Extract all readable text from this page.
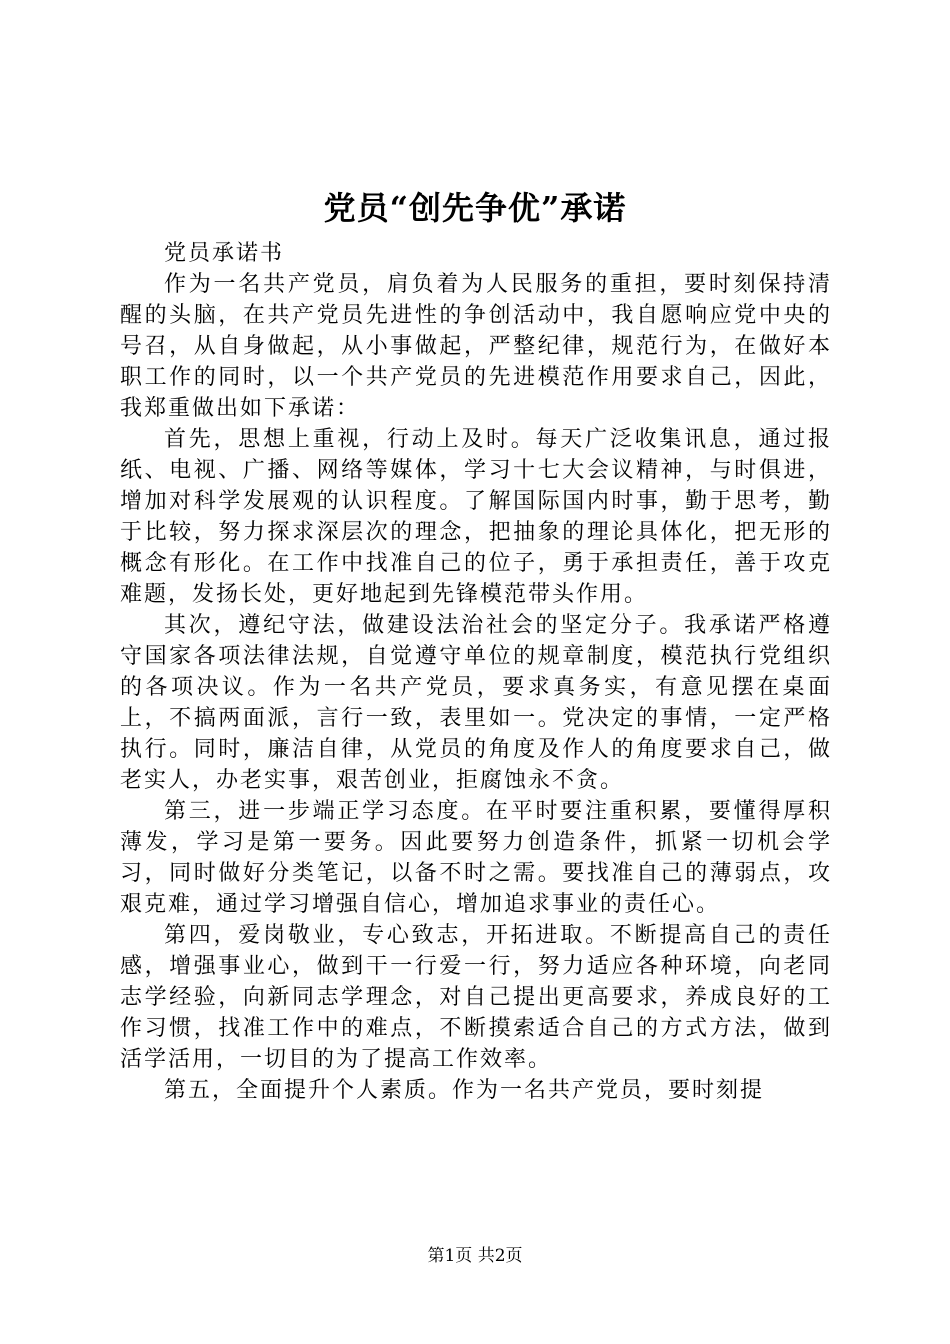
党员“创先争优”承诺

党员承诺书

作为一名共产党员，肩负着为人民服务的重担，要时刻保持清醒的头脑，在共产党员先进性的争创活动中，我自愿响应党中央的号召，从自身做起，从小事做起，严整纪律，规范行为，在做好本职工作的同时，以一个共产党员的先进模范作用要求自己，因此，我郑重做出如下承诺：

首先，思想上重视，行动上及时。每天广泛收集讯息，通过报纸、电视、广播、网络等媒体，学习十七大会议精神，与时俱进，增加对科学发展观的认识程度。了解国际国内时事，勤于思考，勤于比较，努力探求深层次的理念，把抽象的理论具体化，把无形的概念有形化。在工作中找准自己的位子，勇于承担责任，善于攻克难题，发扬长处，更好地起到先锋模范带头作用。

其次，遵纪守法，做建设法治社会的坚定分子。我承诺严格遵守国家各项法律法规，自觉遵守单位的规章制度，模范执行党组织的各项决议。作为一名共产党员，要求真务实，有意见摆在桌面上，不搞两面派，言行一致，表里如一。党决定的事情，一定严格执行。同时，廉洁自律，从党员的角度及作人的角度要求自己，做老实人，办老实事，艰苦创业，拒腐蚀永不贪。

第三，进一步端正学习态度。在平时要注重积累，要懂得厚积薄发，学习是第一要务。因此要努力创造条件，抓紧一切机会学习，同时做好分类笔记，以备不时之需。要找准自己的薄弱点，攻艰克难，通过学习增强自信心，增加追求事业的责任心。

第四，爱岗敬业，专心致志，开拓进取。不断提高自己的责任感，增强事业心，做到干一行爱一行，努力适应各种环境，向老同志学经验，向新同志学理念，对自己提出更高要求，养成良好的工作习惯，找准工作中的难点，不断摸索适合自己的方式方法，做到活学活用，一切目的为了提高工作效率。

第五，全面提升个人素质。作为一名共产党员，要时刻提

第1页 共2页
